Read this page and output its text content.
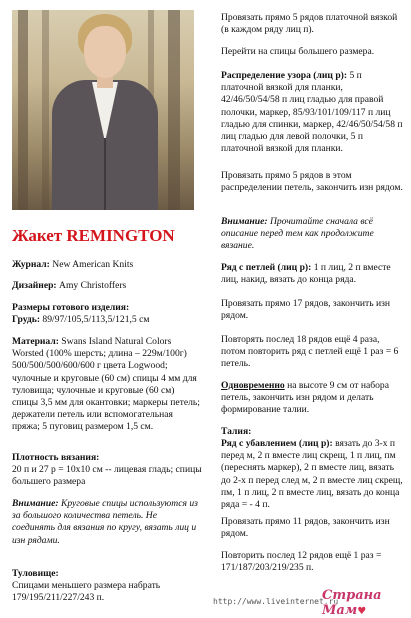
Жакет REMINGTON

Журнал: New American Knits

Дизайнер: Amy Christoffers

Размеры готового изделия:

Грудь: 89/97/105,5/113,5/121,5 см

Материал: Swans Island Natural Colors Worsted (100% шерсть; длина – 229м/100г) 500/500/500/600/600 г цвета Logwood; чулочные и круговые (60 см) спицы 4 мм для туловища; чулочные и круговые (60 см) спицы 3,5 мм для окантовки; маркеры петель; держатели петель или вспомогательная пряжа; 5 пуговиц размером 1,5 см.

Плотность вязания:

20 п и 27 р = 10х10 см -- лицевая гладь; спицы большего размера

Внимание: Круговые спицы используются из за большого количества петель. Не соединять для вязания по кругу, вязать лиц и изн рядами.

Туловище:

Спицами меньшего размера набрать 179/195/211/227/243 п.

Провязать прямо 5 рядов платочной вязкой (в каждом ряду лиц п).

Перейти на спицы большего размера.

Распределение узора (лиц р): 5 п платочной вязкой для планки, 42/46/50/54/58 п лиц гладью для правой полочки, маркер, 85/93/101/109/117 п лиц гладью для спинки, маркер, 42/46/50/54/58 п лиц гладью для левой полочки, 5 п платочной вязкой для планки.

Провязать прямо 5 рядов в этом распределении петель, закончить изн рядом.

Внимание: Прочитайте сначала всё описание перед тем как продолжите вязание.

Ряд с петлей (лиц р): 1 п лиц, 2 п вместе лиц, накид, вязать до конца ряда.

Провязать прямо 17 рядов, закончить изн рядом.

Повторять послед 18 рядов ещё 4 раза, потом повторить ряд с петлей ещё 1 раз = 6 петель.

Одновременно на высоте 9 см от набора петель, закончить изн рядом и делать формирование талии.

Талия:

Ряд с убавлением (лиц р): вязать до 3-х п перед м, 2 п вместе лиц скрещ, 1 п лиц, пм (переснять маркер), 2 п вместе лиц, вязать до 2-х п перед след м, 2 п вместе лиц скрещ, пм, 1 п лиц, 2 п вместе лиц, вязать до конца ряда = - 4 п.

Провязать прямо 11 рядов, закончить изн рядом.

Повторить послед 12 рядов ещё 1 раз = 171/187/203/219/235 п.

http://www.liveinternet.ru
Страна Мам♥
